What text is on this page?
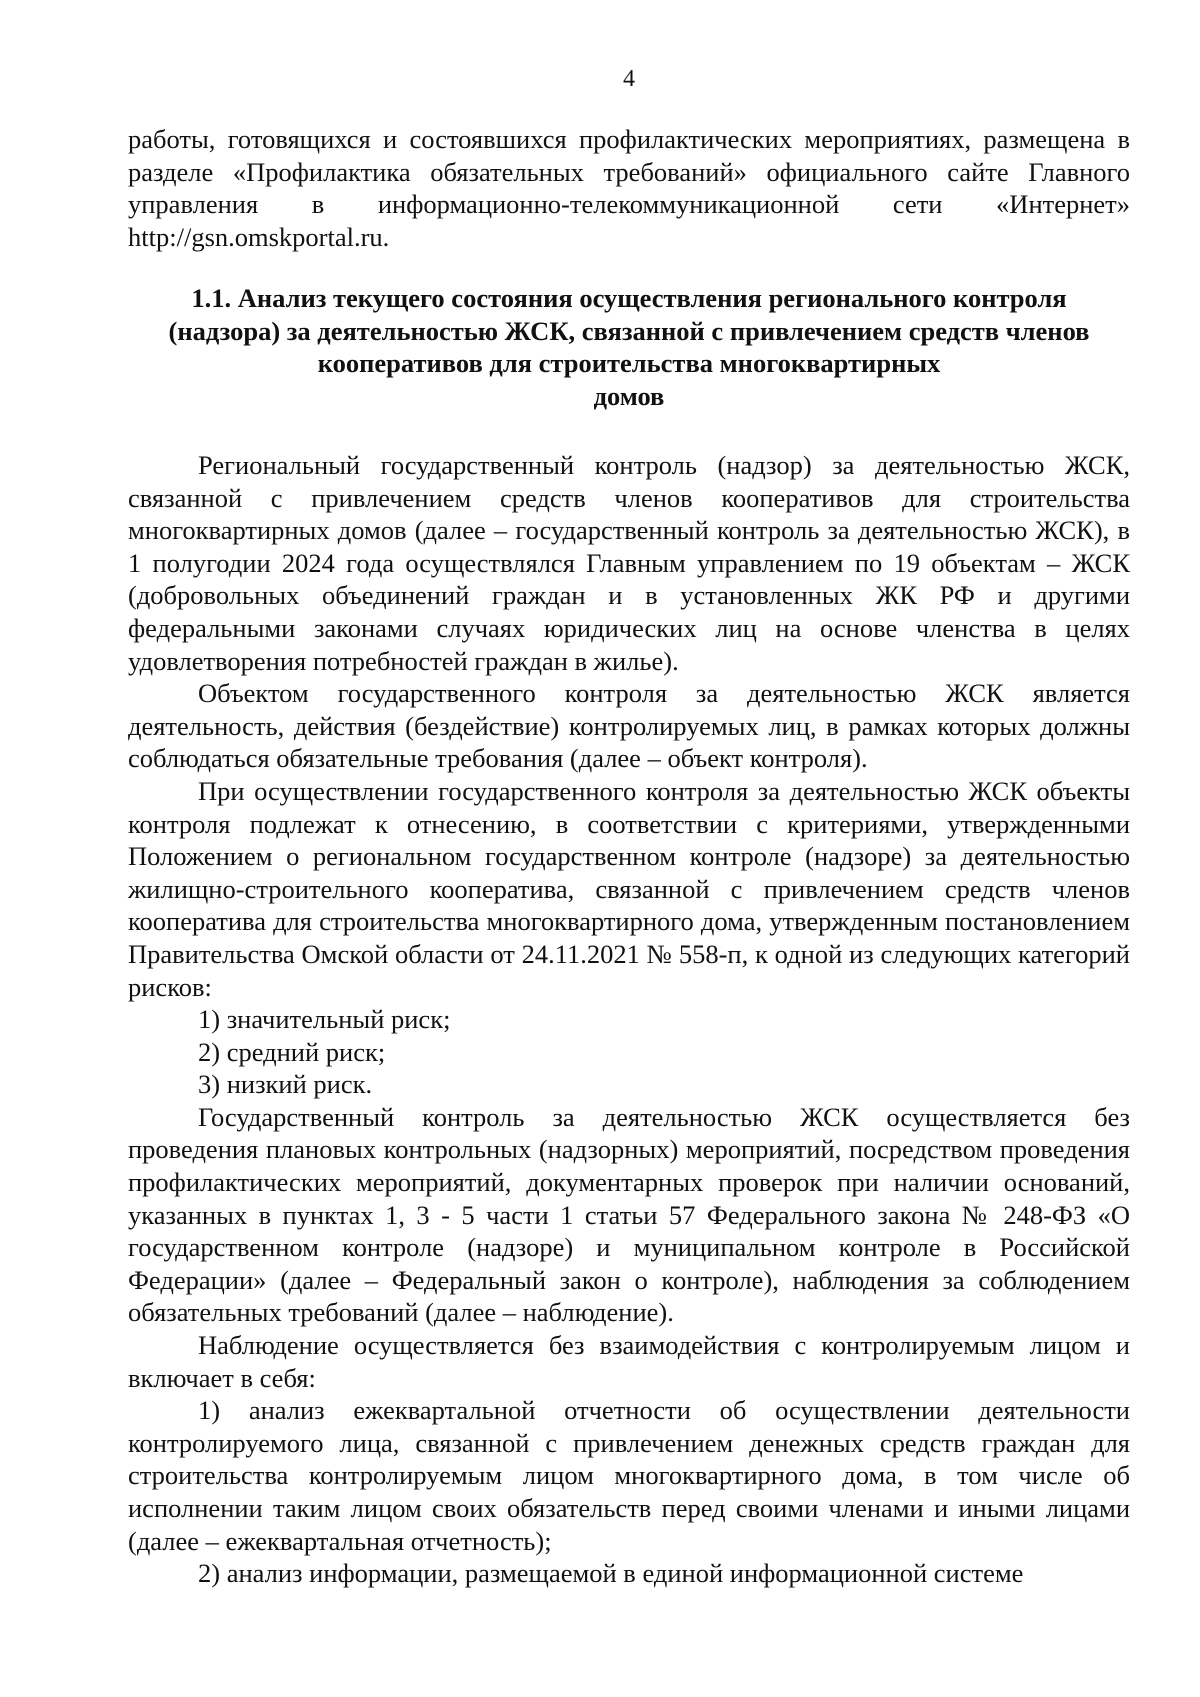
4

работы, готовящихся и состоявшихся профилактических мероприятиях, размещена в разделе «Профилактика обязательных требований» официального сайте Главного управления в информационно-телекоммуникационной сети «Интернет» http://gsn.omskportal.ru.

1.1. Анализ текущего состояния осуществления регионального контроля
(надзора) за деятельностью ЖСК, связанной с привлечением средств членов
кооперативов для строительства многоквартирных
домов

Региональный государственный контроль (надзор) за деятельностью ЖСК, связанной с привлечением средств членов кооперативов для строительства многоквартирных домов (далее – государственный контроль за деятельностью ЖСК), в 1 полугодии 2024 года осуществлялся Главным управлением по 19 объектам – ЖСК (добровольных объединений граждан и в установленных ЖК РФ и другими федеральными законами случаях юридических лиц на основе членства в целях удовлетворения потребностей граждан в жилье).

Объектом государственного контроля за деятельностью ЖСК является деятельность, действия (бездействие) контролируемых лиц, в рамках которых должны соблюдаться обязательные требования (далее – объект контроля).

При осуществлении государственного контроля за деятельностью ЖСК объекты контроля подлежат к отнесению, в соответствии с критериями, утвержденными Положением о региональном государственном контроле (надзоре) за деятельностью жилищно-строительного кооператива, связанной с привлечением средств членов кооператива для строительства многоквартирного дома, утвержденным постановлением Правительства Омской области от 24.11.2021 № 558-п, к одной из следующих категорий рисков:

1) значительный риск;

2) средний риск;

3) низкий риск.

Государственный контроль за деятельностью ЖСК осуществляется без проведения плановых контрольных (надзорных) мероприятий, посредством проведения профилактических мероприятий, документарных проверок при наличии оснований, указанных в пунктах 1, 3 - 5 части 1 статьи 57 Федерального закона № 248-ФЗ «О государственном контроле (надзоре) и муниципальном контроле в Российской Федерации» (далее – Федеральный закон о контроле), наблюдения за соблюдением обязательных требований (далее – наблюдение).

Наблюдение осуществляется без взаимодействия с контролируемым лицом и включает в себя:

1) анализ ежеквартальной отчетности об осуществлении деятельности контролируемого лица, связанной с привлечением денежных средств граждан для строительства контролируемым лицом многоквартирного дома, в том числе об исполнении таким лицом своих обязательств перед своими членами и иными лицами (далее – ежеквартальная отчетность);

2) анализ информации, размещаемой в единой информационной системе
